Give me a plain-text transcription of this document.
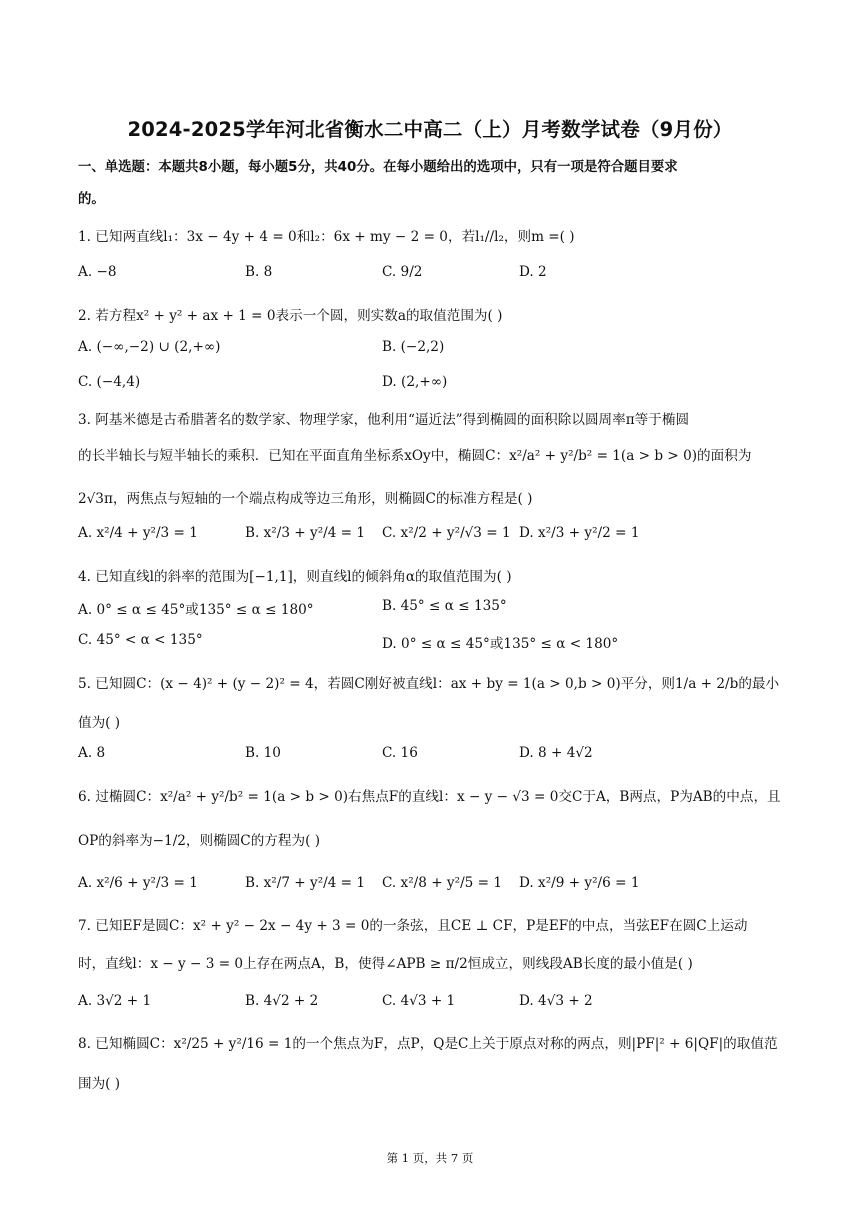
2024-2025学年河北省衡水二中高二（上）月考数学试卷（9月份）
一、单选题：本题共8小题，每小题5分，共40分。在每小题给出的选项中，只有一项是符合题目要求
的。
1. 已知两直线l₁：3x − 4y + 4 = 0和l₂：6x + my − 2 = 0，若l₁//l₂，则m =( )
A. −8	B. 8	C. 9/2	D. 2
2. 若方程x² + y² + ax + 1 = 0表示一个圆，则实数a的取值范围为( )
A. (−∞,−2) ∪ (2,+∞)	B. (−2,2)
C. (−4,4)	D. (2,+∞)
3. 阿基米德是古希腊著名的数学家、物理学家，他利用“逼近法”得到椭圆的面积除以圆周率π等于椭圆
的长半轴长与短半轴长的乘积．已知在平面直角坐标系xOy中，椭圆C：x²/a² + y²/b² = 1(a > b > 0)的面积为
2√3π，两焦点与短轴的一个端点构成等边三角形，则椭圆C的标准方程是( )
A. x²/4 + y²/3 = 1	B. x²/3 + y²/4 = 1 C. x²/2 + y²/√3 = 1 D. x²/3 + y²/2 = 1
4. 已知直线l的斜率的范围为[−1,1]，则直线l的倾斜角α的取值范围为( )
A. 0° ≤ α ≤ 45°或135° ≤ α ≤ 180°	B. 45° ≤ α ≤ 135°
C. 45° < α < 135°	D. 0° ≤ α ≤ 45°或135° ≤ α < 180°
5. 已知圆C：(x − 4)² + (y − 2)² = 4，若圆C刚好被直线l：ax + by = 1(a > 0,b > 0)平分，则1/a + 2/b的最小
值为( )
A. 8	B. 10	C. 16	D. 8 + 4√2
6. 过椭圆C：x²/a² + y²/b² = 1(a > b > 0)右焦点F的直线l：x − y − √3 = 0交C于A，B两点，P为AB的中点，且
OP的斜率为−1/2，则椭圆C的方程为( )
A. x²/6 + y²/3 = 1	B. x²/7 + y²/4 = 1 C. x²/8 + y²/5 = 1 D. x²/9 + y²/6 = 1
7. 已知EF是圆C：x² + y² − 2x − 4y + 3 = 0的一条弦，且CE ⊥ CF，P是EF的中点，当弦EF在圆C上运动
时，直线l：x − y − 3 = 0上存在两点A，B，使得∠APB ≥ π/2恒成立，则线段AB长度的最小值是( )
A. 3√2 + 1	B. 4√2 + 2	C. 4√3 + 1	D. 4√3 + 2
8. 已知椭圆C：x²/25 + y²/16 = 1的一个焦点为F，点P，Q是C上关于原点对称的两点，则|PF|² + 6|QF|的取值范
围为( )
第 1 页，共 7 页
